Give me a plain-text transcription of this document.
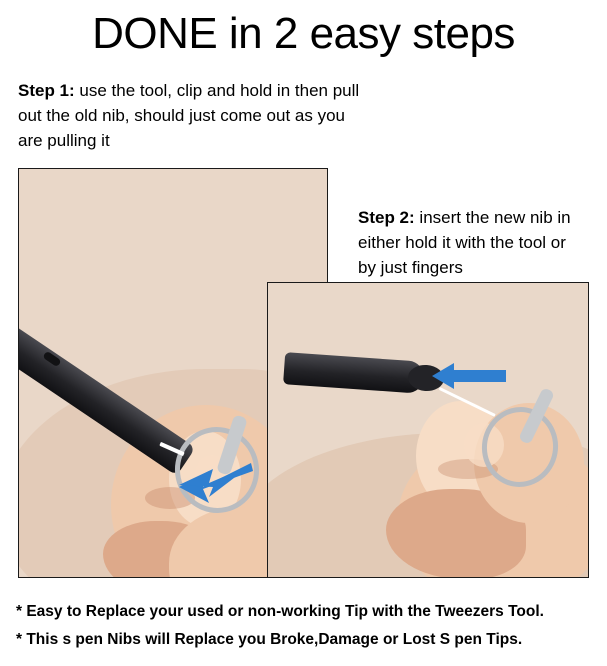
DONE in 2 easy steps
Step 1: use the tool, clip and hold in then pull out the old nib, should just come out as you are pulling it
Step 2: insert the new nib in either hold it with the tool or by just fingers
* Easy to Replace your used or non-working Tip with the Tweezers Tool.
* This s pen Nibs will Replace you Broke,Damage or Lost S pen Tips.
